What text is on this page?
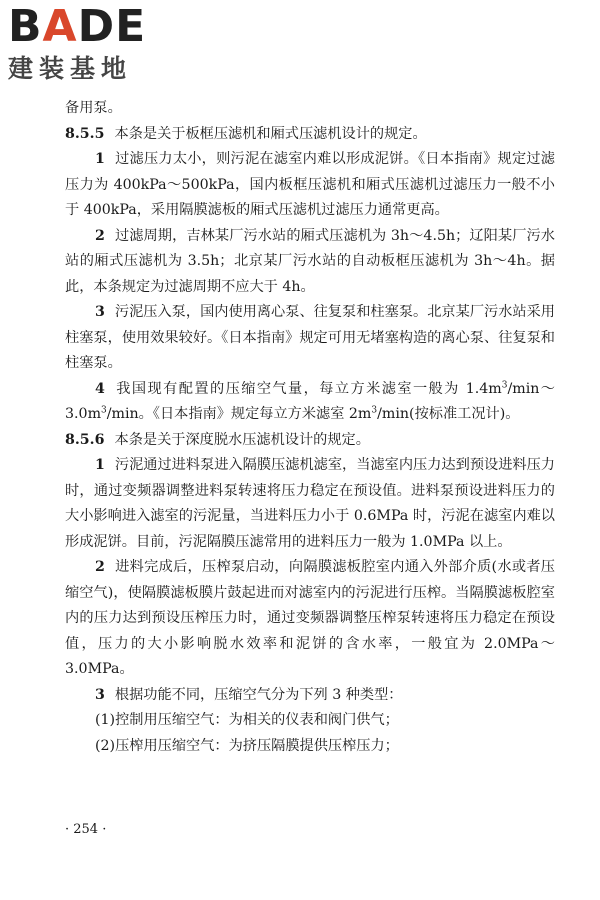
BADE
建装基地

备用泵。

8.5.5 本条是关于板框压滤机和厢式压滤机设计的规定。

1 过滤压力太小，则污泥在滤室内难以形成泥饼。《日本指南》规定过滤压力为 400kPa～500kPa，国内板框压滤机和厢式压滤机过滤压力一般不小于 400kPa，采用隔膜滤板的厢式压滤机过滤压力通常更高。

2 过滤周期，吉林某厂污水站的厢式压滤机为 3h～4.5h；辽阳某厂污水站的厢式压滤机为 3.5h；北京某厂污水站的自动板框压滤机为 3h～4h。据此，本条规定为过滤周期不应大于 4h。

3 污泥压入泵，国内使用离心泵、往复泵和柱塞泵。北京某厂污水站采用柱塞泵，使用效果较好。《日本指南》规定可用无堵塞构造的离心泵、往复泵和柱塞泵。

4 我国现有配置的压缩空气量，每立方米滤室一般为 $1.4m^3/\min\sim$ $3.0m^3/\min$。《日本指南》规定每立方米滤室 $2m^3/\min$(按标准工况计)。

8.5.6 本条是关于深度脱水压滤机设计的规定。

1 污泥通过进料泵进入隔膜压滤机滤室，当滤室内压力达到预设进料压力时，通过变频器调整进料泵转速将压力稳定在预设值。进料泵预设进料压力的大小影响进入滤室的污泥量，当进料压力小于 0.6MPa 时，污泥在滤室内难以形成泥饼。目前，污泥隔膜压滤常用的进料压力一般为 1.0MPa 以上。

2 进料完成后，压榨泵启动，向隔膜滤板腔室内通入外部介质(水或者压缩空气)，使隔膜滤板膜片鼓起进而对滤室内的污泥进行压榨。当隔膜滤板腔室内的压力达到预设压榨压力时，通过变频器调整压榨泵转速将压力稳定在预设值，压力的大小影响脱水效率和泥饼的含水率，一般宜为 2.0MPa～3.0MPa。

3 根据功能不同，压缩空气分为下列 3 种类型：

(1)控制用压缩空气：为相关的仪表和阀门供气；

(2)压榨用压缩空气：为挤压隔膜提供压榨压力；

· 254 ·
